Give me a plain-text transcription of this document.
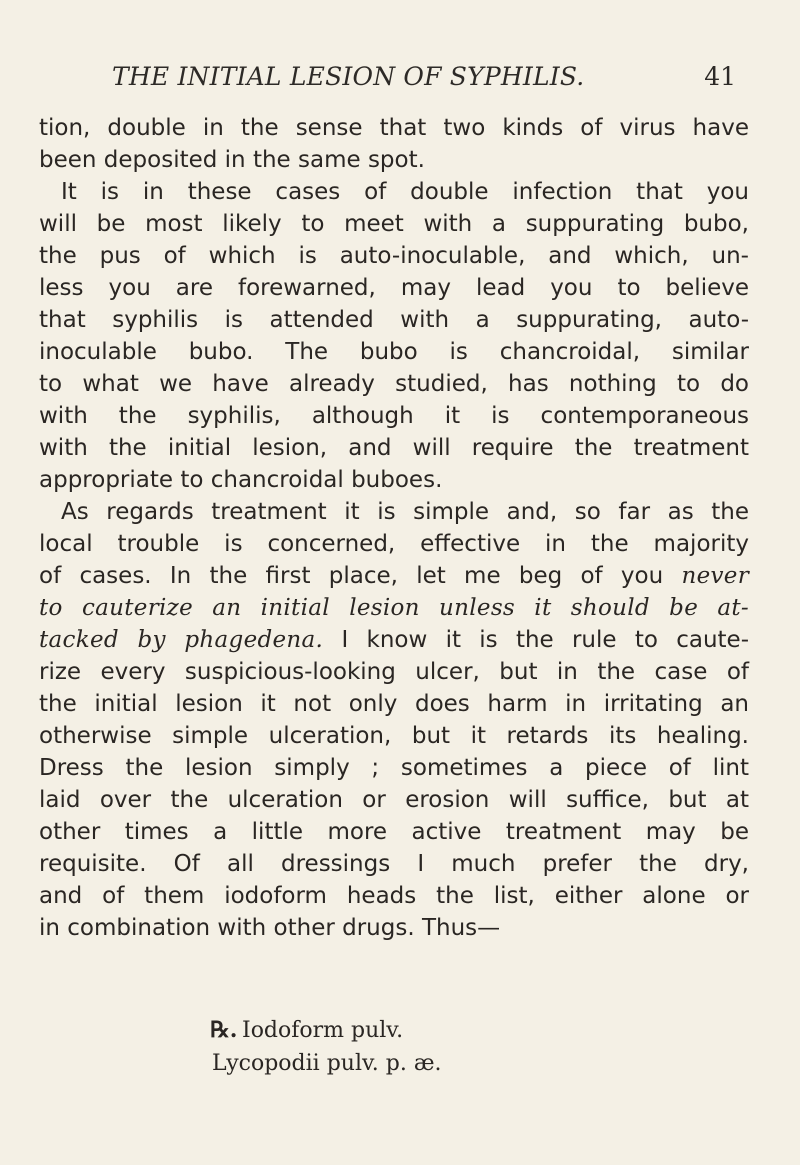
THE INITIAL LESION OF SYPHILIS.	41
tion, double in the sense that two kinds of virus have
been deposited in the same spot.
It is in these cases of double infection that you
will be most likely to meet with a suppurating bubo,
the pus of which is auto-inoculable, and which, un-
less you are forewarned, may lead you to believe
that syphilis is attended with a suppurating, auto-
inoculable bubo. The bubo is chancroidal, similar
to what we have already studied, has nothing to do
with the syphilis, although it is contemporaneous
with the initial lesion, and will require the treatment
appropriate to chancroidal buboes.
As regards treatment it is simple and, so far as the
local trouble is concerned, effective in the majority
of cases. In the first place, let me beg of you never
to cauterize an initial lesion unless it should be at-
tacked by phagedena. I know it is the rule to caute-
rize every suspicious-looking ulcer, but in the case of
the initial lesion it not only does harm in irritating an
otherwise simple ulceration, but it retards its healing.
Dress the lesion simply ; sometimes a piece of lint
laid over the ulceration or erosion will suffice, but at
other times a little more active treatment may be
requisite. Of all dressings I much prefer the dry,
and of them iodoform heads the list, either alone or
in combination with other drugs. Thus—
℞. Iodoform pulv.
Lycopodii pulv. p. æ.
